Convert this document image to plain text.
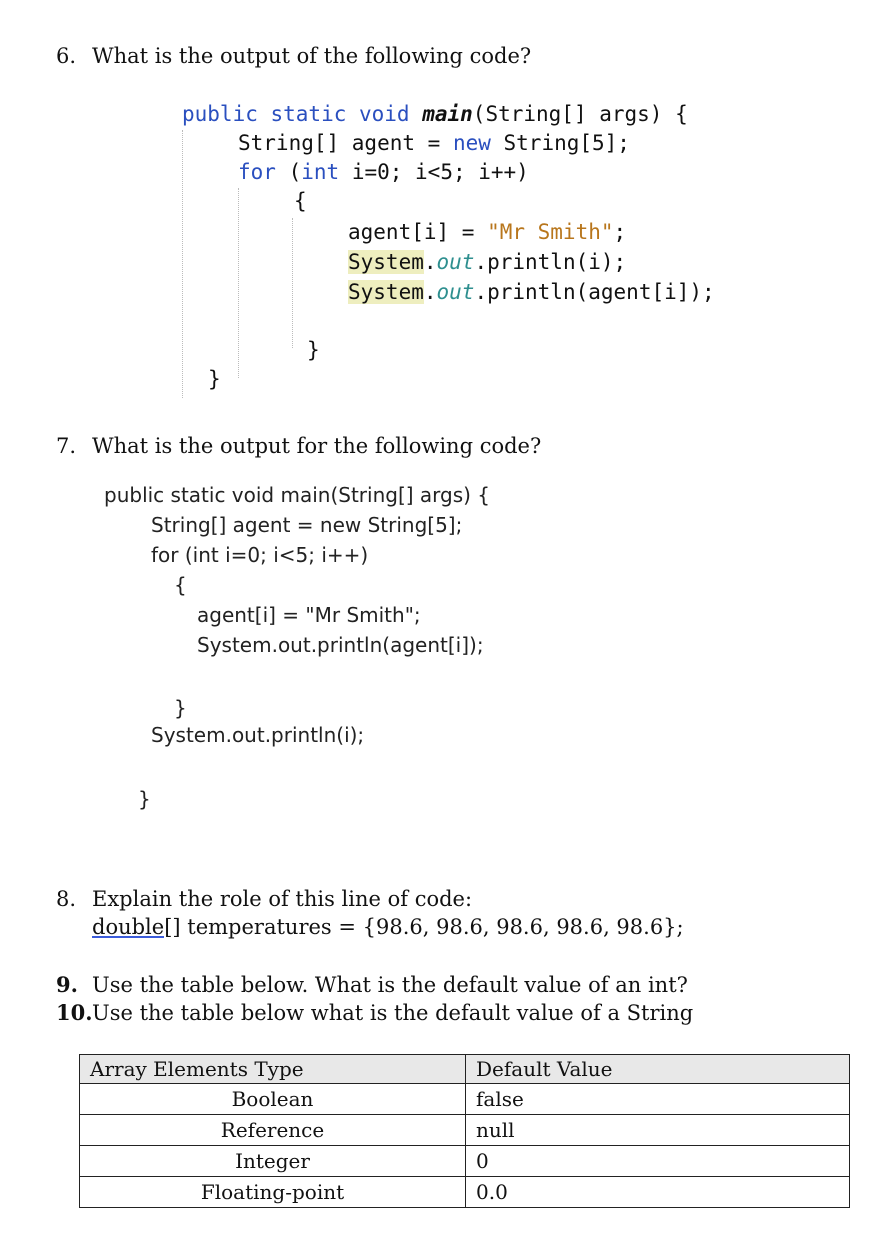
6. What is the output of the following code?
public static void main(String[] args) {
String[] agent = new String[5];
for (int i=0; i<5; i++)
{
agent[i] = "Mr Smith";
System.out.println(i);
System.out.println(agent[i]);
}
}
7. What is the output for the following code?
public static void main(String[] args) {
String[] agent = new String[5];
for (int i=0; i<5; i++)
{
agent[i] = "Mr Smith";
System.out.println(agent[i]);
}
System.out.println(i);
}
8. Explain the role of this line of code:
double[] temperatures = {98.6, 98.6, 98.6, 98.6, 98.6};
9. Use the table below. What is the default value of an int?
10.Use the table below what is the default value of a String
Array Elements Type	Default Value
Boolean	false
Reference	null
Integer	0
Floating-point	0.0
